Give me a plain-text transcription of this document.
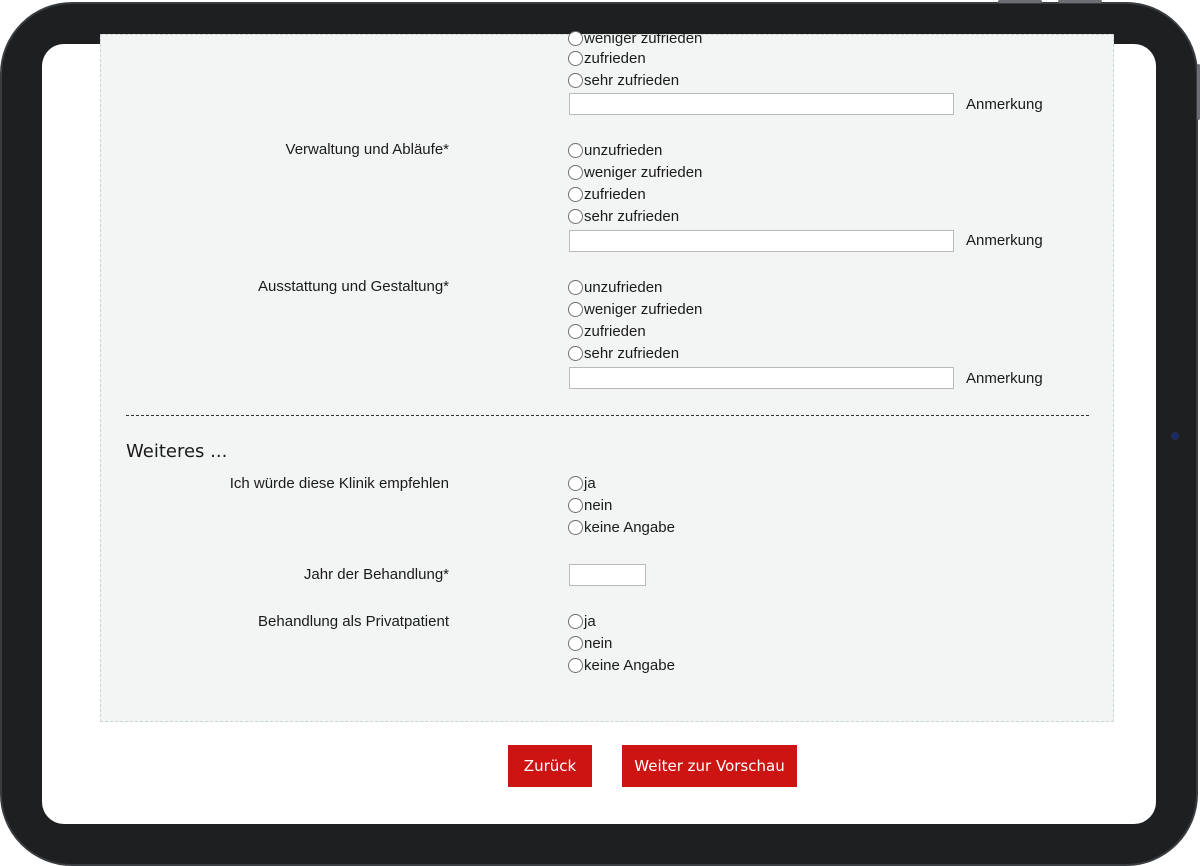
weniger zufrieden
zufrieden
sehr zufrieden
Anmerkung
Verwaltung und Abläufe*	unzufrieden
weniger zufrieden
zufrieden
sehr zufrieden
Anmerkung
Ausstattung und Gestaltung*	unzufrieden
weniger zufrieden
zufrieden
sehr zufrieden
Anmerkung
Weiteres ...
Ich würde diese Klinik empfehlen	ja
nein
keine Angabe
Jahr der Behandlung*
Behandlung als Privatpatient	ja
nein
keine Angabe
Zurück	Weiter zur Vorschau
